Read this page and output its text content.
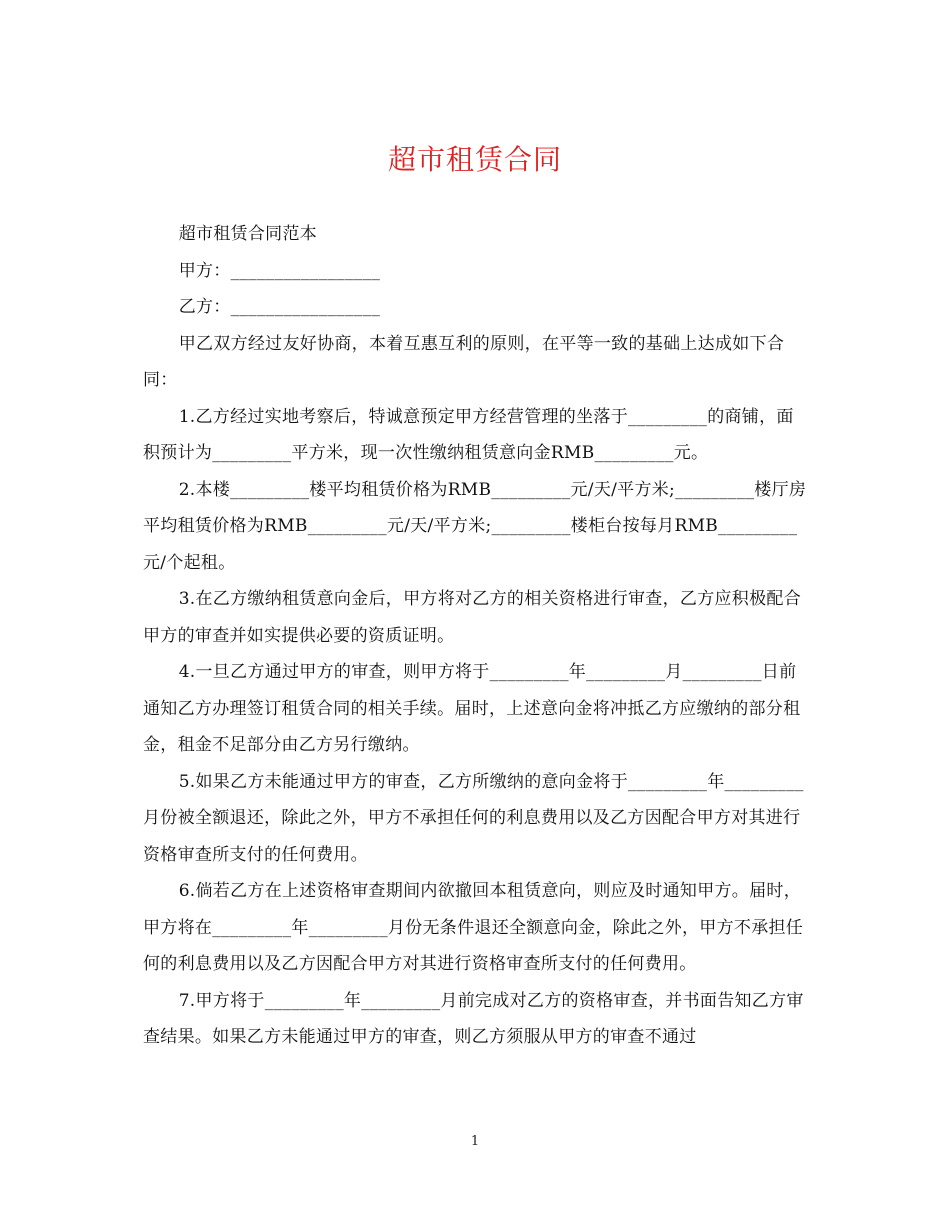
超市租赁合同

超市租赁合同范本

甲方：_________________

乙方：_________________

甲乙双方经过友好协商，本着互惠互利的原则，在平等一致的基础上达成如下合同：

1.乙方经过实地考察后，特诚意预定甲方经营管理的坐落于_________的商铺，面积预计为_________平方米，现一次性缴纳租赁意向金RMB_________元。

2.本楼_________楼平均租赁价格为RMB_________元/天/平方米;_________楼厅房平均租赁价格为RMB_________元/天/平方米;_________楼柜台按每月RMB_________元/个起租。

3.在乙方缴纳租赁意向金后，甲方将对乙方的相关资格进行审查，乙方应积极配合甲方的审查并如实提供必要的资质证明。

4.一旦乙方通过甲方的审查，则甲方将于_________年_________月_________日前通知乙方办理签订租赁合同的相关手续。届时，上述意向金将冲抵乙方应缴纳的部分租金，租金不足部分由乙方另行缴纳。

5.如果乙方未能通过甲方的审查，乙方所缴纳的意向金将于_________年_________月份被全额退还，除此之外，甲方不承担任何的利息费用以及乙方因配合甲方对其进行资格审查所支付的任何费用。

6.倘若乙方在上述资格审查期间内欲撤回本租赁意向，则应及时通知甲方。届时，甲方将在_________年_________月份无条件退还全额意向金，除此之外，甲方不承担任何的利息费用以及乙方因配合甲方对其进行资格审查所支付的任何费用。

7.甲方将于_________年_________月前完成对乙方的资格审查，并书面告知乙方审查结果。如果乙方未能通过甲方的审查，则乙方须服从甲方的审查不通过

1
